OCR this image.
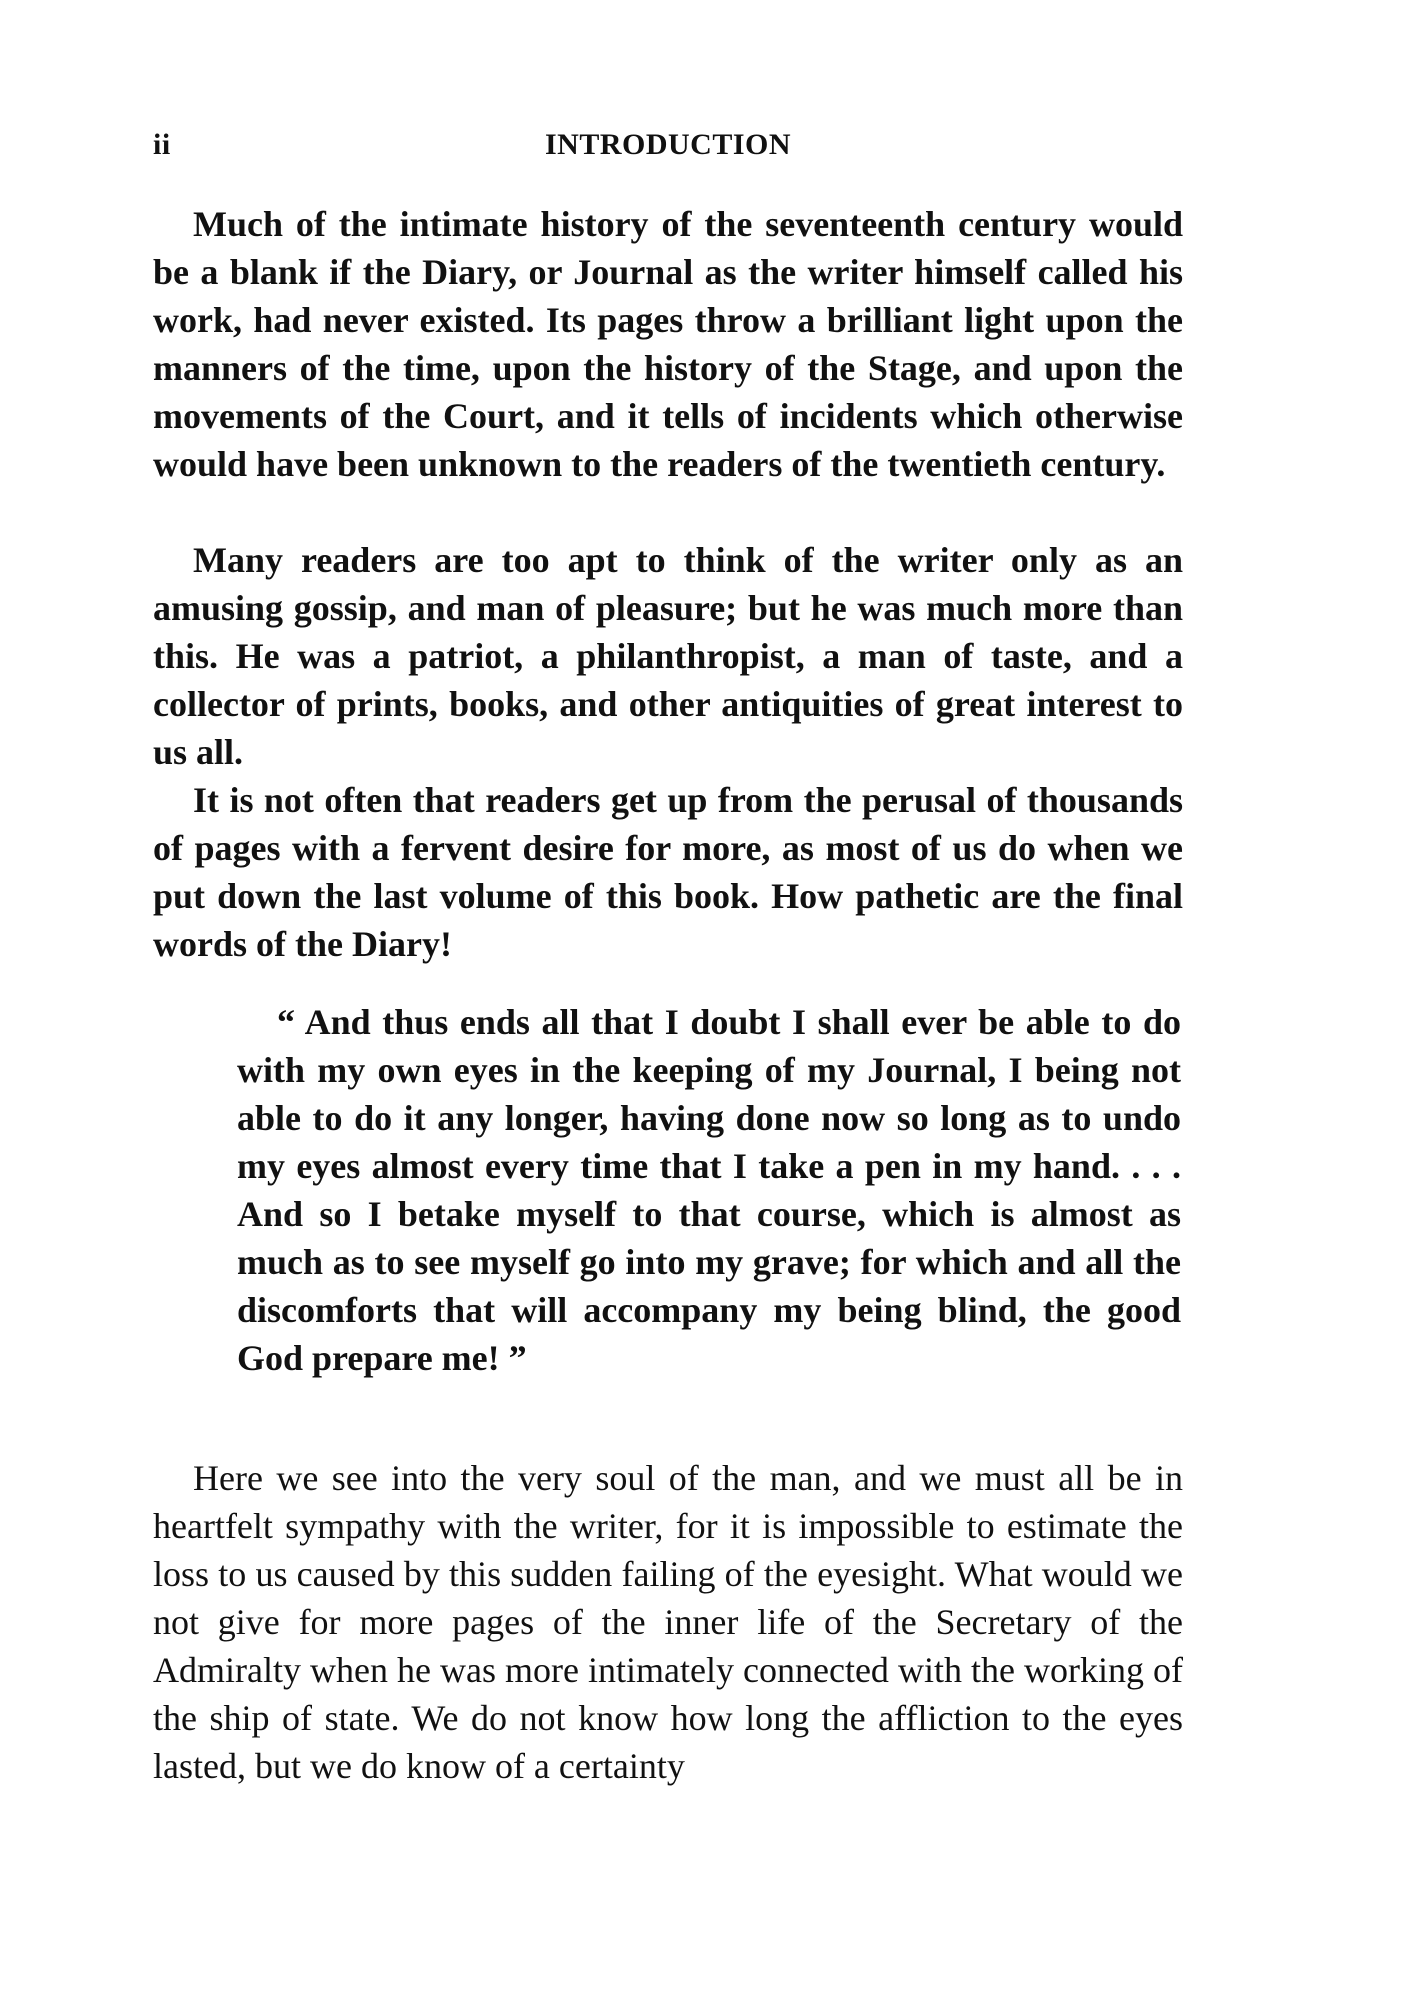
ii	INTRODUCTION

Much of the intimate history of the seventeenth century would be a blank if the Diary, or Journal as the writer himself called his work, had never existed. Its pages throw a brilliant light upon the manners of the time, upon the history of the Stage, and upon the movements of the Court, and it tells of incidents which otherwise would have been unknown to the readers of the twentieth century.

Many readers are too apt to think of the writer only as an amusing gossip, and man of pleasure; but he was much more than this. He was a patriot, a philanthropist, a man of taste, and a collector of prints, books, and other antiquities of great interest to us all.

It is not often that readers get up from the perusal of thousands of pages with a fervent desire for more, as most of us do when we put down the last volume of this book. How pathetic are the final words of the Diary!

“ And thus ends all that I doubt I shall ever be able to do with my own eyes in the keeping of my Journal, I being not able to do it any longer, having done now so long as to undo my eyes almost every time that I take a pen in my hand. . . . And so I betake myself to that course, which is almost as much as to see myself go into my grave; for which and all the discomforts that will accompany my being blind, the good God prepare me! ”

Here we see into the very soul of the man, and we must all be in heartfelt sympathy with the writer, for it is impossible to estimate the loss to us caused by this sudden failing of the eyesight. What would we not give for more pages of the inner life of the Secretary of the Admiralty when he was more intimately connected with the working of the ship of state. We do not know how long the affliction to the eyes lasted, but we do know of a certainty
